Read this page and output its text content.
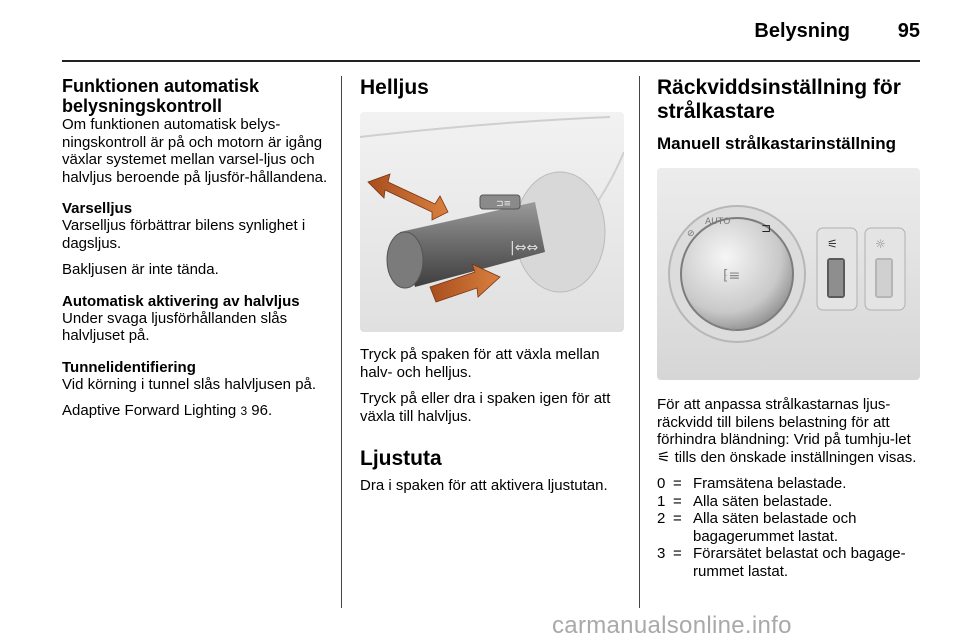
Belysning 95
Funktionen automatisk
belysningskontroll

Om funktionen automatisk belys-ningskontroll är på och motorn är igång växlar systemet mellan varsel-ljus och halvljus beroende på ljusför-hållandena.

Varselljus

Varselljus förbättrar bilens synlighet i dagsljus.

Bakljusen är inte tända.

Automatisk aktivering av halvljus

Under svaga ljusförhållanden slås halvljuset på.

Tunnelidentifiering

Vid körning i tunnel slås halvljusen på.

Adaptive Forward Lighting 3 96.

Helljus
⊐≡
|⇔⇔

Tryck på spaken för att växla mellan halv- och helljus.

Tryck på eller dra i spaken igen för att växla till halvljus.

Ljustuta

Dra i spaken för att aktivera ljustutan.

Räckviddsinställning för
strålkastare
Manuell strålkastarinställning
⁅≡
AUTO
⊘	⊐
☼
⚟	☼

För att anpassa strålkastarnas ljus-räckvidd till bilens belastning för att förhindra bländning: Vrid på tumhju-let ⚟ tills den önskade inställningen visas.

0 = Framsätena belastade.
1 = Alla säten belastade.
2 = Alla säten belastade och bagagerummet lastat.
3 = Förarsätet belastat och bagage-rummet lastat.
carmanualsonline.info
